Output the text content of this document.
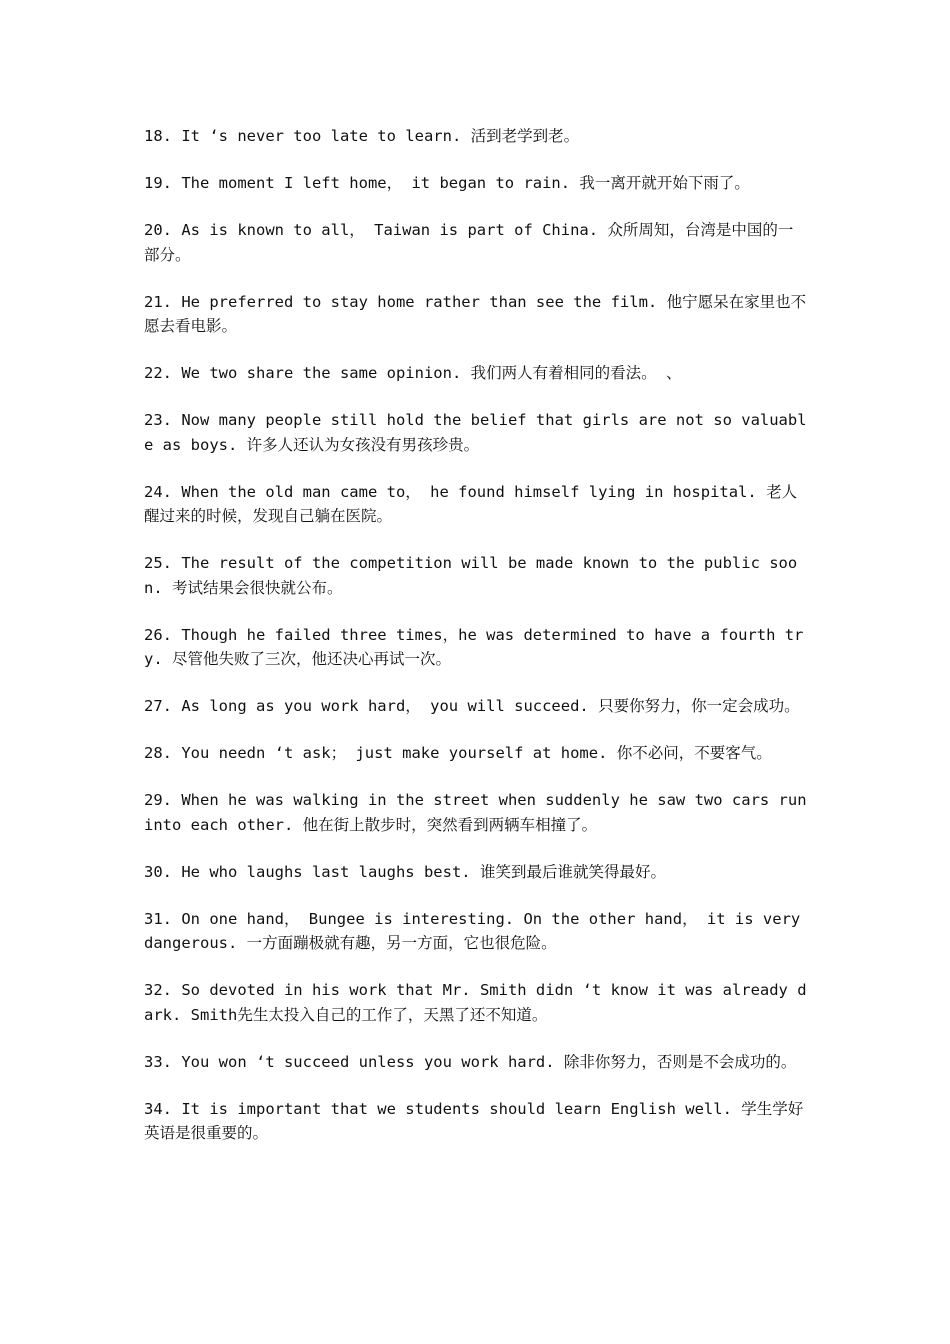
18. It ‘s never too late to learn. 活到老学到老。

19. The moment I left home， it began to rain. 我一离开就开始下雨了。

20. As is known to all， Taiwan is part of China. 众所周知，台湾是中国的一部分。

21. He preferred to stay home rather than see the film. 他宁愿呆在家里也不愿去看电影。

22. We two share the same opinion. 我们两人有着相同的看法。 、

23. Now many people still hold the belief that girls are not so valuable as boys. 许多人还认为女孩没有男孩珍贵。

24. When the old man came to， he found himself lying in hospital. 老人醒过来的时候，发现自己躺在医院。

25. The result of the competition will be made known to the public soon. 考试结果会很快就公布。

26. Though he failed three times，he was determined to have a fourth try. 尽管他失败了三次，他还决心再试一次。

27. As long as you work hard， you will succeed. 只要你努力，你一定会成功。

28. You needn ‘t ask； just make yourself at home. 你不必问，不要客气。

29. When he was walking in the street when suddenly he saw two cars run into each other. 他在街上散步时，突然看到两辆车相撞了。

30. He who laughs last laughs best. 谁笑到最后谁就笑得最好。

31. On one hand， Bungee is interesting. On the other hand， it is very dangerous. 一方面蹦极就有趣，另一方面，它也很危险。

32. So devoted in his work that Mr. Smith didn ‘t know it was already dark. Smith先生太投入自己的工作了，天黑了还不知道。

33. You won ‘t succeed unless you work hard. 除非你努力，否则是不会成功的。

34. It is important that we students should learn English well. 学生学好英语是很重要的。
